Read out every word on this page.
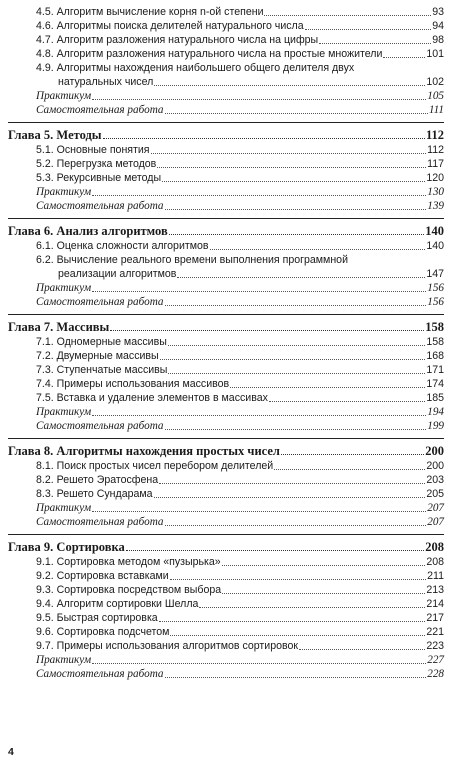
4.5. Алгоритм вычисление корня n-ой степени	93
4.6. Алгоритмы поиска делителей натурального числа	94
4.7. Алгоритм разложения натурального числа на цифры	98
4.8. Алгоритм разложения натурального числа на простые множители	101
4.9. Алгоритмы нахождения наибольшего общего делителя двух
натуральных чисел	102
Практикум	105
Самостоятельная работа	111
Глава 5. Методы	112
5.1. Основные понятия	112
5.2. Перегрузка методов	117
5.3. Рекурсивные методы	120
Практикум	130
Самостоятельная работа	139
Глава 6. Анализ алгоритмов	140
6.1. Оценка сложности алгоритмов	140
6.2. Вычисление реального времени выполнения программной
реализации алгоритмов	147
Практикум	156
Самостоятельная работа	156
Глава 7. Массивы	158
7.1. Одномерные массивы	158
7.2. Двумерные массивы	168
7.3. Ступенчатые массивы	171
7.4. Примеры использования массивов	174
7.5. Вставка и удаление элементов в массивах	185
Практикум	194
Самостоятельная работа	199
Глава 8. Алгоритмы нахождения простых чисел	200
8.1. Поиск простых чисел перебором делителей	200
8.2. Решето Эратосфена	203
8.3. Решето Сундарама	205
Практикум	207
Самостоятельная работа	207
Глава 9. Сортировка	208
9.1. Сортировка методом «пузырька»	208
9.2. Сортировка вставками	211
9.3. Сортировка посредством выбора	213
9.4. Алгоритм сортировки Шелла	214
9.5. Быстрая сортировка	217
9.6. Сортировка подсчетом	221
9.7. Примеры использования алгоритмов сортировок	223
Практикум	227
Самостоятельная работа	228
4
